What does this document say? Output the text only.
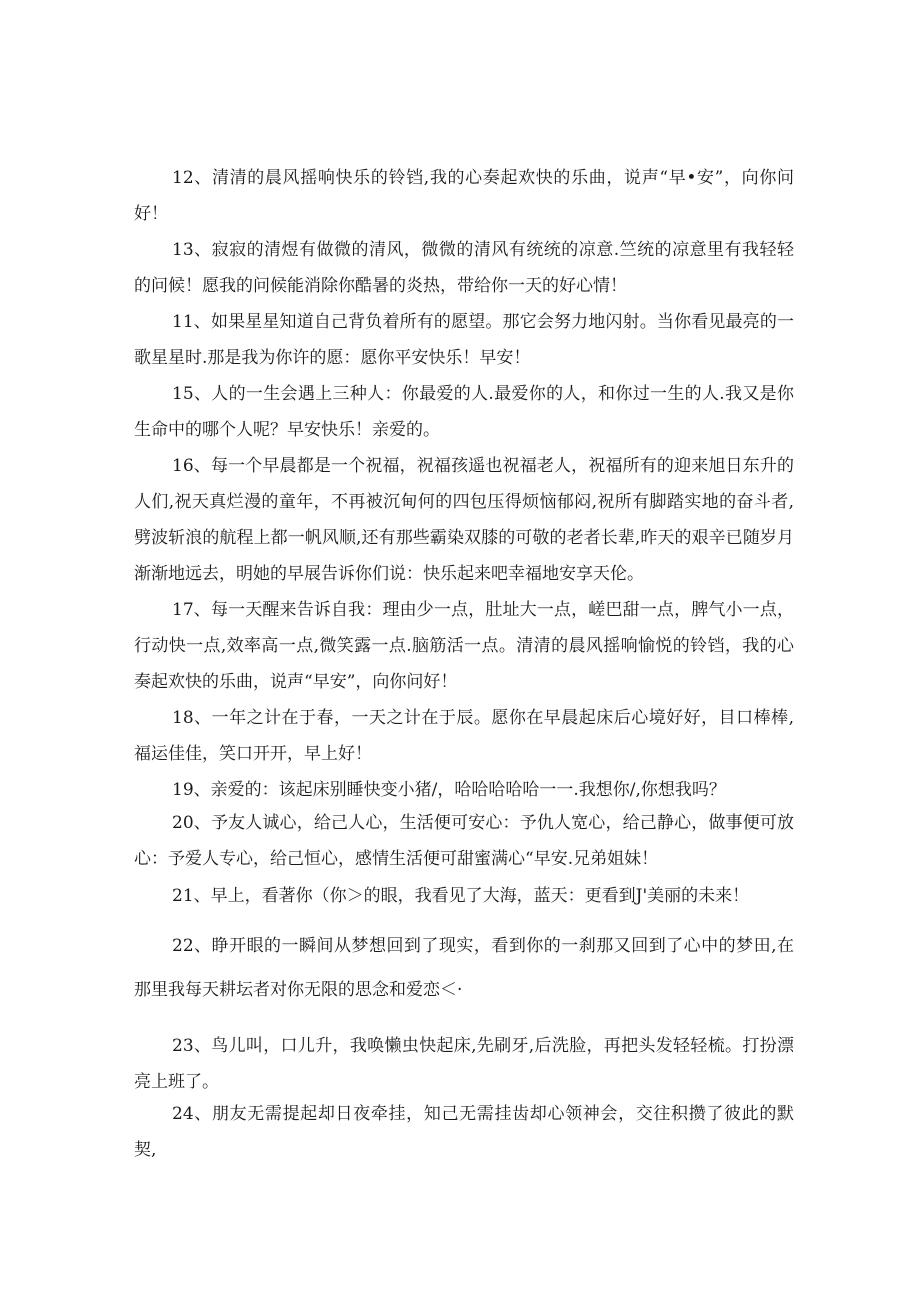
12、清清的晨风摇响快乐的铃铛,我的心奏起欢快的乐曲，说声“早•安”，向你问好！

13、寂寂的清煜有做微的清风，微微的清风有统统的凉意.竺统的凉意里有我轻轻的问候！愿我的问候能消除你酷暑的炎热，带给你一天的好心情！

11、如果星星知道自己背负着所有的愿望。那它会努力地闪射。当你看见最亮的一歌星星时.那是我为你许的愿：愿你平安快乐！早安！

15、人的一生会遇上三种人：你最爱的人.最爱你的人，和你过一生的人.我又是你生命中的哪个人呢？早安快乐！亲爱的。

16、每一个早晨都是一个祝福，祝福孩遥也祝福老人，祝福所有的迎来旭日东升的人们,祝天真烂漫的童年，不再被沉甸何的四包压得烦恼郁闷,祝所有脚踏实地的奋斗者,劈波斩浪的航程上都一帆风顺,还有那些霸染双膝的可敬的老者长辈,昨天的艰辛已随岁月渐渐地远去，明她的早展告诉你们说：快乐起来吧幸福地安享天伦。

17、每一天醒来告诉自我：理由少一点，肚址大一点，嵯巴甜一点，脾气小一点，行动快一点,效率高一点,微笑露一点.脑筋活一点。清清的晨风摇响愉悦的铃铛，我的心奏起欢快的乐曲，说声“早安”，向你问好！

18、一年之计在于春，一天之计在于辰。愿你在早晨起床后心境好好，目口棒棒,福运佳佳，笑口开开，早上好！

19、亲爱的：该起床别睡快变小猪/，哈哈哈哈哈一一.我想你/,你想我吗？

20、予友人诚心，给己人心，生活便可安心：予仇人宽心，给己静心，做事便可放心：予爱人专心，给己恒心，感情生活便可甜蜜满心“早安.兄弟姐妹！

21、早上，看著你（你＞的眼，我看见了大海，蓝天：更看到J'美丽的未来！

22、睁开眼的一瞬间从梦想回到了现实，看到你的一刹那又回到了心中的梦田,在那里我每天耕坛者对你无限的思念和爱恋＜·

23、鸟儿叫，口儿升，我唤懒虫快起床,先刷牙,后洗脸，再把头发轻轻梳。打扮漂亮上班了。

24、朋友无需提起却日夜牵挂，知己无需挂齿却心领神会，交往积攒了彼此的默契,
